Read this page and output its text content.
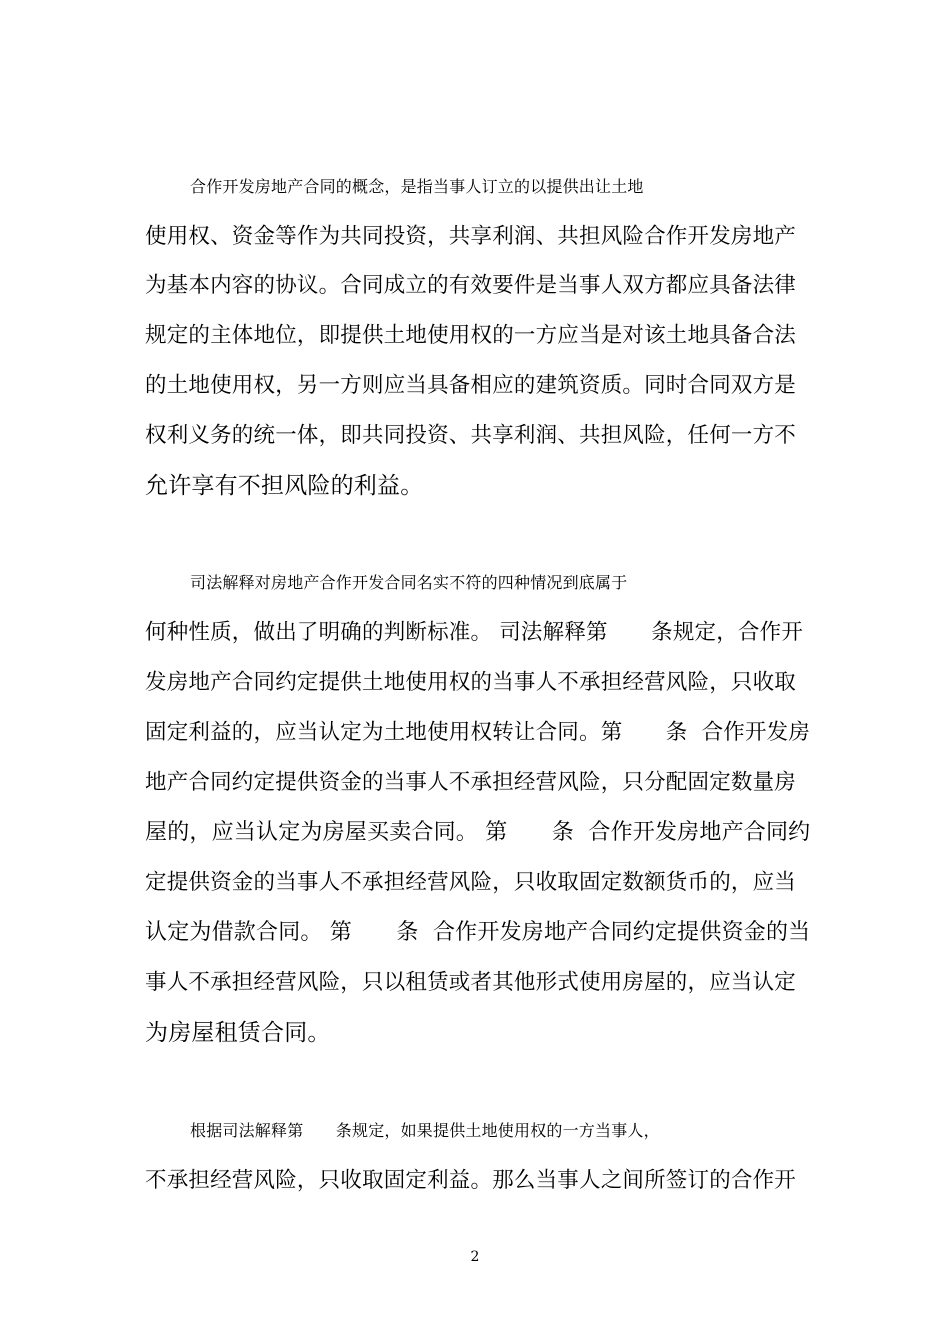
合作开发房地产合同的概念，是指当事人订立的以提供出让土地
使用权、资金等作为共同投资，共享利润、共担风险合作开发房地产
为基本内容的协议。合同成立的有效要件是当事人双方都应具备法律
规定的主体地位，即提供土地使用权的一方应当是对该土地具备合法
的土地使用权，另一方则应当具备相应的建筑资质。同时合同双方是
权利义务的统一体，即共同投资、共享利润、共担风险，任何一方不
允许享有不担风险的利益。
司法解释对房地产合作开发合同名实不符的四种情况到底属于
何种性质，做出了明确的判断标准。 司法解释第　　条规定，合作开
发房地产合同约定提供土地使用权的当事人不承担经营风险，只收取
固定利益的，应当认定为土地使用权转让合同。第　　条  合作开发房
地产合同约定提供资金的当事人不承担经营风险，只分配固定数量房
屋的，应当认定为房屋买卖合同。 第　　条  合作开发房地产合同约
定提供资金的当事人不承担经营风险，只收取固定数额货币的，应当
认定为借款合同。 第　　条  合作开发房地产合同约定提供资金的当
事人不承担经营风险，只以租赁或者其他形式使用房屋的，应当认定
为房屋租赁合同。
根据司法解释第　　条规定，如果提供土地使用权的一方当事人，
不承担经营风险，只收取固定利益。那么当事人之间所签订的合作开
2
